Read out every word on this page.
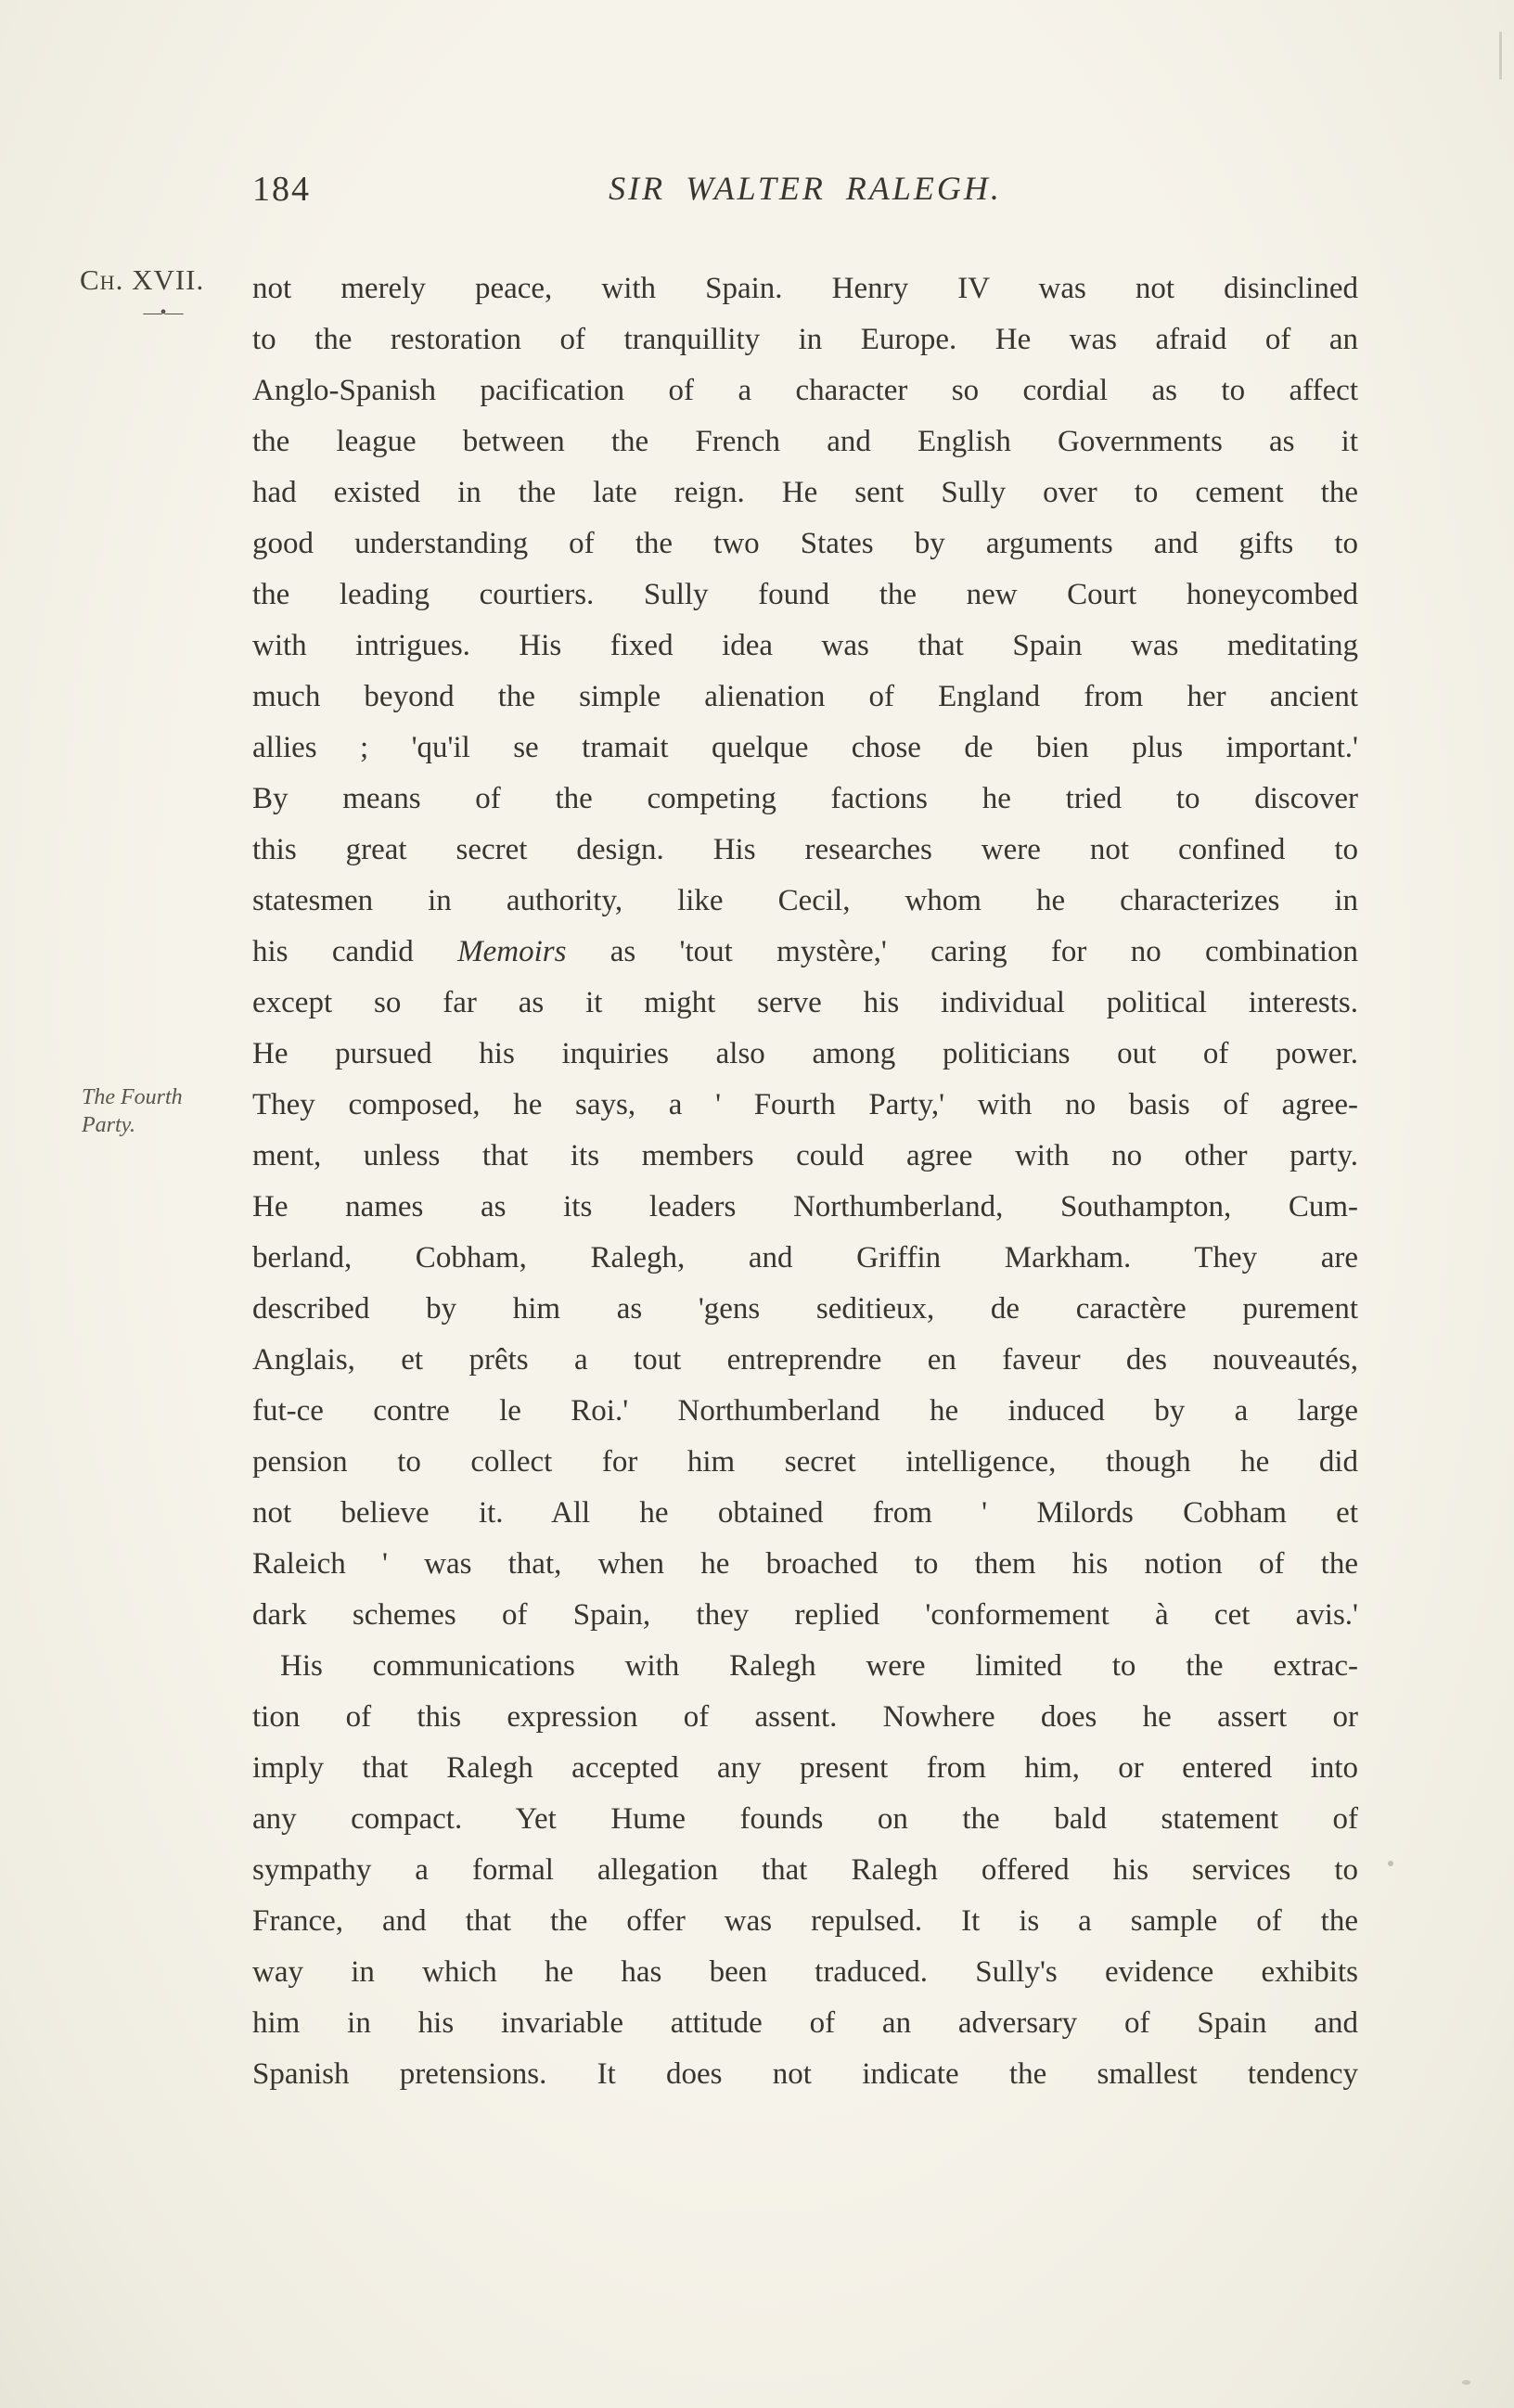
184	SIR WALTER RALEGH.
Ch. XVII.
—•—
The Fourth
Party.
not merely peace, with Spain. Henry IV was not disinclined
to the restoration of tranquillity in Europe. He was afraid of an
Anglo-Spanish pacification of a character so cordial as to affect
the league between the French and English Governments as it
had existed in the late reign. He sent Sully over to cement the
good understanding of the two States by arguments and gifts to
the leading courtiers. Sully found the new Court honeycombed
with intrigues. His fixed idea was that Spain was meditating
much beyond the simple alienation of England from her ancient
allies ; 'qu'il se tramait quelque chose de bien plus important.'
By means of the competing factions he tried to discover
this great secret design. His researches were not confined to
statesmen in authority, like Cecil, whom he characterizes in
his candid Memoirs as 'tout mystère,' caring for no combination
except so far as it might serve his individual political interests.
He pursued his inquiries also among politicians out of power.
They composed, he says, a ' Fourth Party,' with no basis of agree-
ment, unless that its members could agree with no other party.
He names as its leaders Northumberland, Southampton, Cum-
berland, Cobham, Ralegh, and Griffin Markham. They are
described by him as 'gens seditieux, de caractère purement
Anglais, et prêts a tout entreprendre en faveur des nouveautés,
fut-ce contre le Roi.' Northumberland he induced by a large
pension to collect for him secret intelligence, though he did
not believe it. All he obtained from ' Milords Cobham et
Raleich ' was that, when he broached to them his notion of the
dark schemes of Spain, they replied 'conformement à cet avis.'
His communications with Ralegh were limited to the extrac-
tion of this expression of assent. Nowhere does he assert or
imply that Ralegh accepted any present from him, or entered into
any compact. Yet Hume founds on the bald statement of
sympathy a formal allegation that Ralegh offered his services to
France, and that the offer was repulsed. It is a sample of the
way in which he has been traduced. Sully's evidence exhibits
him in his invariable attitude of an adversary of Spain and
Spanish pretensions. It does not indicate the smallest tendency
